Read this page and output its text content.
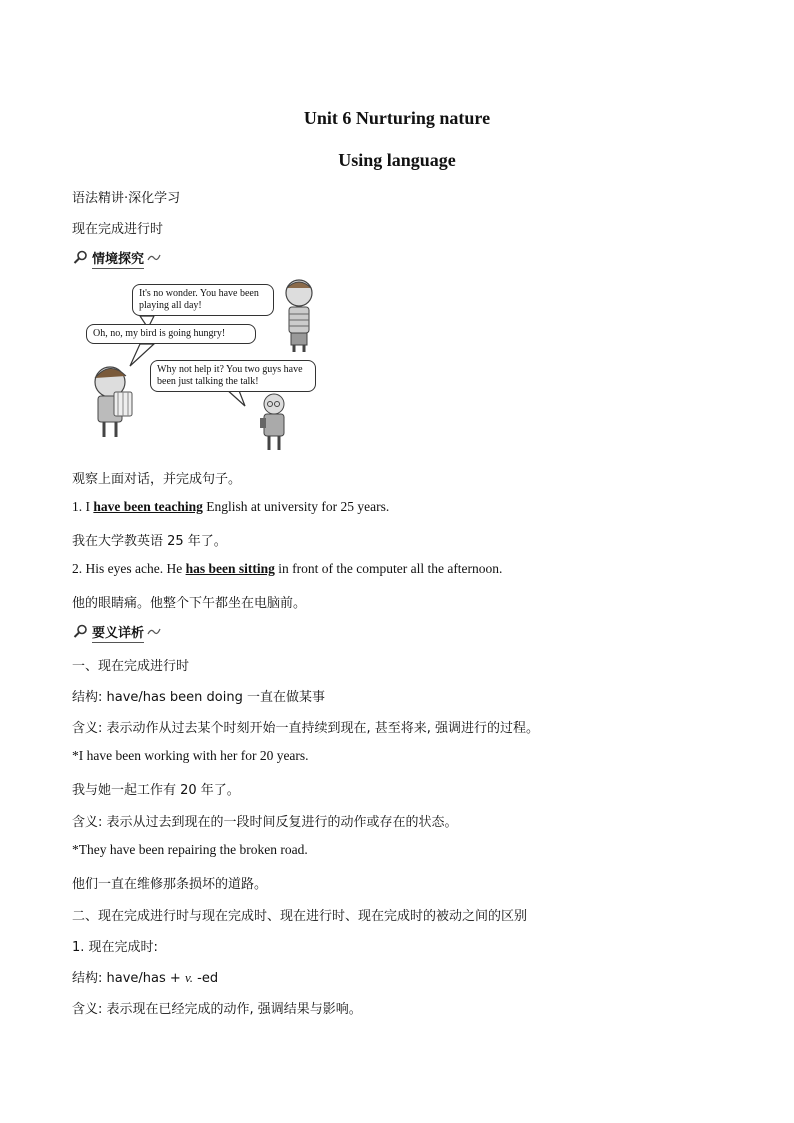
Unit 6 Nurturing nature
Using language
语法精讲·深化学习
现在完成进行时
情境探究
It's no wonder. You have been playing all day!
Oh, no, my bird is going hungry!
Why not help it? You two guys have been just talking the talk!
观察上面对话，并完成句子。
1. I have been teaching English at university for 25 years.
我在大学教英语 25 年了。
2. His eyes ache. He has been sitting in front of the computer all the afternoon.
他的眼睛痛。他整个下午都坐在电脑前。
要义详析
一、现在完成进行时
结构: have/has been doing 一直在做某事
含义: 表示动作从过去某个时刻开始一直持续到现在, 甚至将来, 强调进行的过程。
*I have been working with her for 20 years.
我与她一起工作有 20 年了。
含义: 表示从过去到现在的一段时间反复进行的动作或存在的状态。
*They have been repairing the broken road.
他们一直在维修那条损坏的道路。
二、现在完成进行时与现在完成时、现在进行时、现在完成时的被动之间的区别
1. 现在完成时:
结构: have/has + v. -ed
含义: 表示现在已经完成的动作, 强调结果与影响。
